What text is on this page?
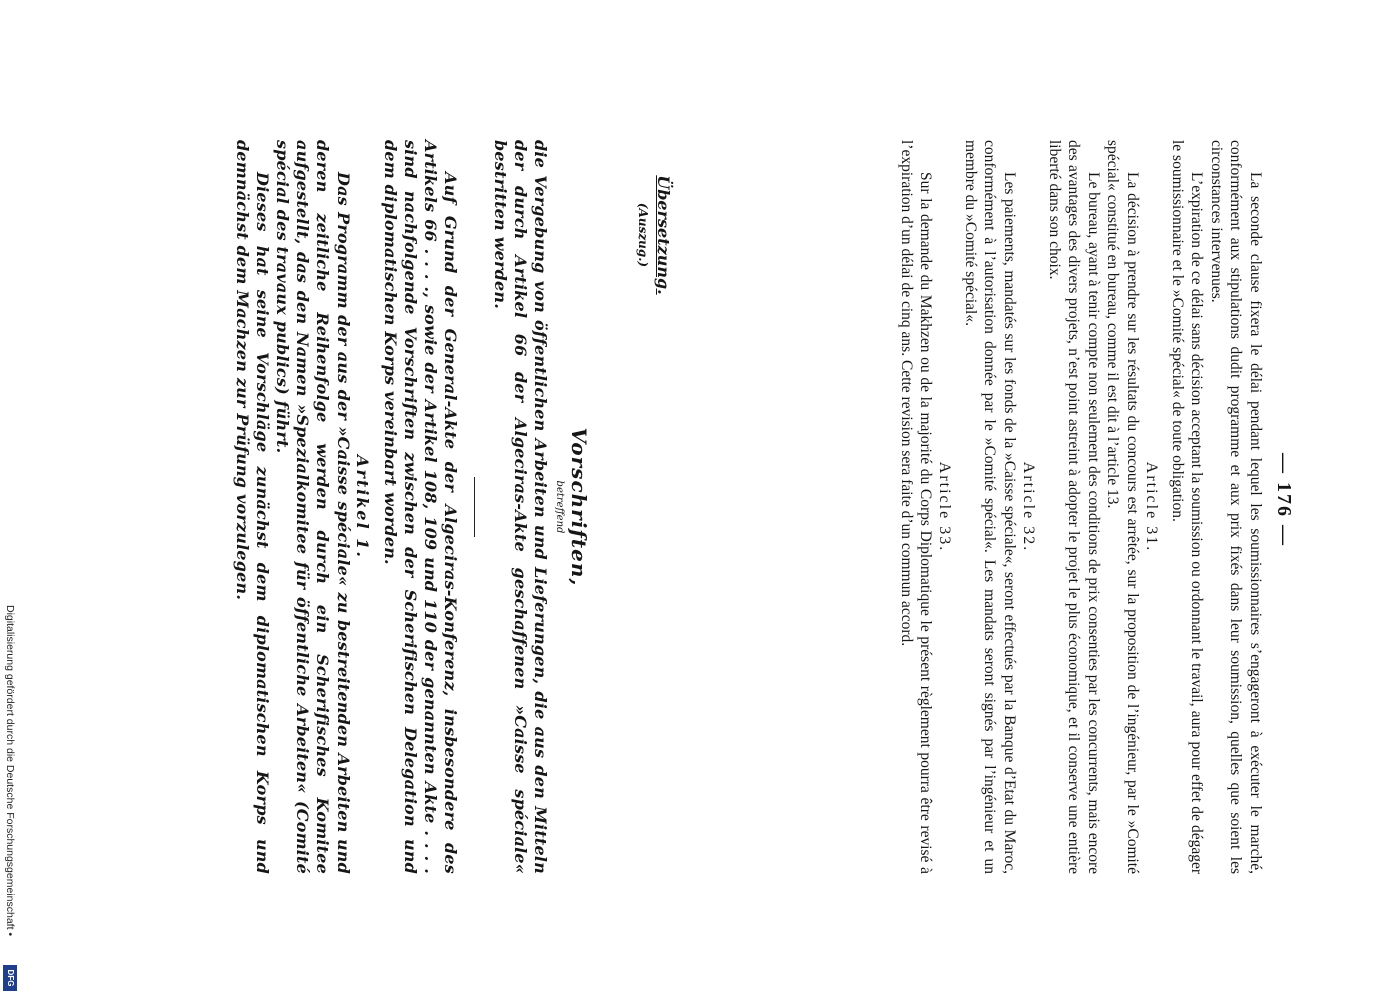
— 176 —

La seconde clause fixera le délai pendant lequel les soumissionnaires s’engageront à exécuter le marché, conformément aux stipulations dudit programme et aux prix fixés dans leur soumission, quelles que soient les circonstances intervenues.

L’expiration de ce délai sans décision acceptant la soumission ou ordonnant le travail, aura pour effet de dégager le soumissionnaire et le »Comité spécial« de toute obligation.

Article 31.

La décision à prendre sur les résultats du concours est arrêtée, sur la proposition de l’ingénieur, par le »Comité spécial« constitué en bureau, comme il est dit à l’article 13.

Le bureau, ayant à tenir compte non seulement des conditions de prix consenties par les concurrents, mais encore des avantages des divers projets, n’est point astreint à adopter le projet le plus économique, et il conserve une entière liberté dans son choix.

Article 32.

Les paiements, mandatés sur les fonds de la »Caisse spéciale«, seront effectués par la Banque d’Etat du Maroc, conformément à l’autorisation donnée par le »Comité spécial«. Les mandats seront signés par l’ingénieur et un membre du »Comité spécial«.

Article 33.

Sur la demande du Makhzen ou de la majorité du Corps Diplomatique le présent règlement pourra être revisé à l’expiration d’un délai de cinq ans. Cette revision sera faite d’un commun accord.

Übersetzung.
(Auszug.)
Vorschriften,
betreffend

die Vergebung von öffentlichen Arbeiten und Lieferungen, die aus den Mitteln der durch Artikel 66 der Algeciras-Akte geschaffenen »Caisse spéciale« bestritten werden.

Auf Grund der General-Akte der Algeciras-Konferenz, insbesondere des Artikels 66 . . . ., sowie der Artikel 108, 109 und 110 der genannten Akte . . . . sind nachfolgende Vorschriften zwischen der Scherifischen Delegation und dem diplomatischen Korps vereinbart worden.

Artikel 1.

Das Programm der aus der »Caisse spéciale« zu bestreitenden Arbeiten und deren zeitliche Reihenfolge werden durch ein Scherifisches Komitee aufgestellt, das den Namen »Spezialkomitee für öffentliche Arbeiten« (Comité spécial des travaux publics) führt.

Dieses hat seine Vorschläge zunächst dem diplomatischen Korps und demnächst dem Machzen zur Prüfung vorzulegen.

Digitalisierung gefördert durch die Deutsche Forschungsgemeinschaft •
DFG
